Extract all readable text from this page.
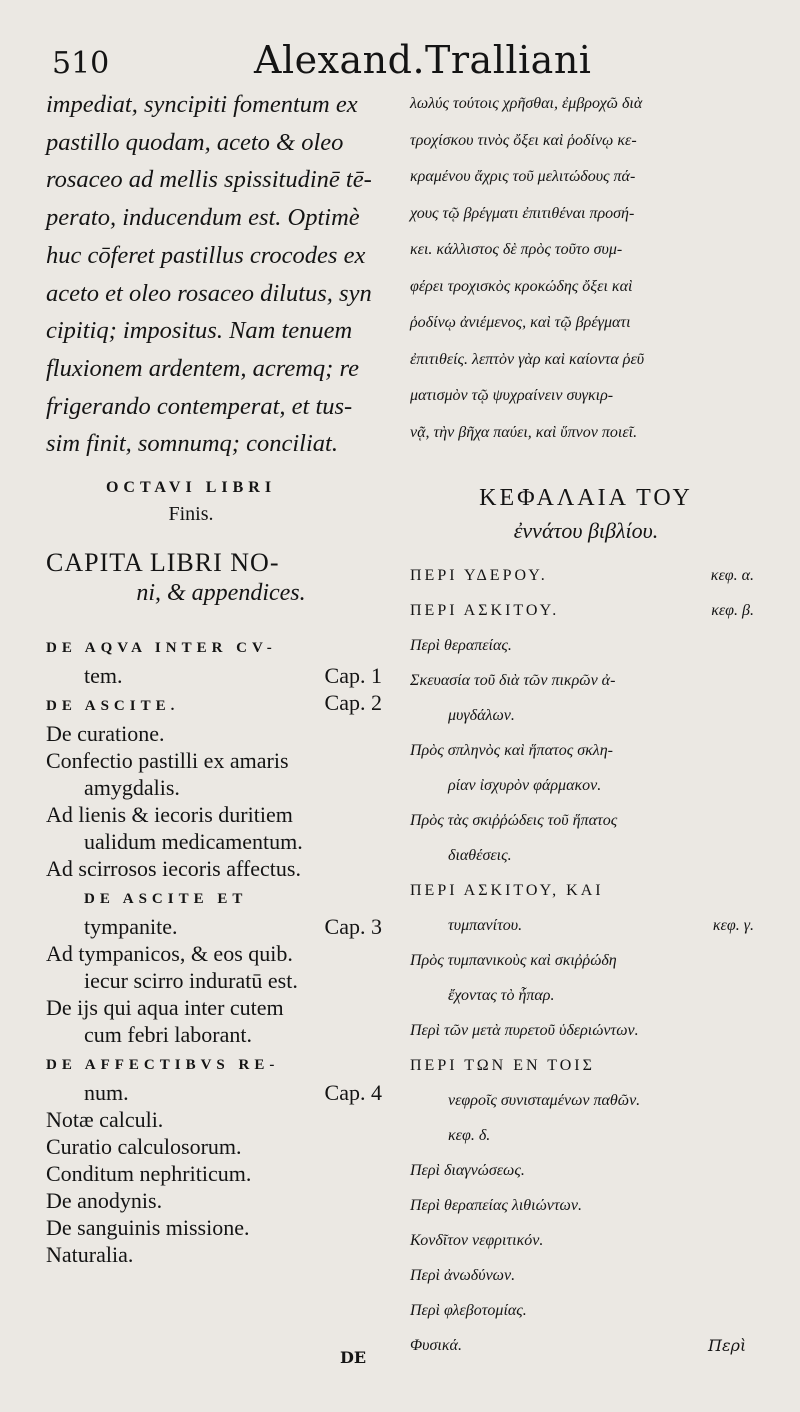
510	Alexand.Tralliani
impediat, syncipiti fomentum ex
pastillo quodam, aceto & oleo
rosaceo ad mellis spissitudinē tē-
perato, inducendum est. Optimè
huc cōferet pastillus crocodes ex
aceto et oleo rosaceo dilutus, syn
cipitiq; impositus. Nam tenuem
fluxionem ardentem, acremq; re
frigerando contemperat, et tus-
sim finit, somnumq; conciliat.
OCTAVI LIBRI
Finis.
CAPITA LIBRI NO-
ni, & appendices.
DE AQVA INTER CV-
tem.	Cap. 1
DE ASCITE.	Cap. 2
De curatione.
Confectio pastilli ex amaris
amygdalis.
Ad lienis & iecoris duritiem
ualidum medicamentum.
Ad scirrosos iecoris affectus.
DE ASCITE ET
tympanite.	Cap. 3
Ad tympanicos, & eos quib.
iecur scirro induratū est.
De ijs qui aqua inter cutem
cum febri laborant.
DE AFFECTIBVS RE-
num.	Cap. 4
Notæ calculi.
Curatio calculosorum.
Conditum nephriticum.
De anodynis.
De sanguinis missione.
Naturalia.
λωλύς τούτοις χρῆσθαι, ἐμβροχῶ διὰ
τροχίσκου τινὸς ὄξει καὶ ῥοδίνῳ κε-
κραμένου ἄχρις τοῦ μελιτώδους πά-
χους τῷ βρέγματι ἐπιτιθέναι προσή-
κει. κάλλιστος δὲ πρὸς τοῦτο συμ-
φέρει τροχισκὸς κροκώδης ὄξει καὶ
ῥοδίνῳ ἀνιέμενος, καὶ τῷ βρέγματι
ἐπιτιθείς. λεπτὸν γὰρ καὶ καίοντα ῥεῦ
ματισμὸν τῷ ψυχραίνειν συγκιρ-
νᾷ, τὴν βῆχα παύει, καὶ ὕπνον ποιεῖ.
ΚΕΦΑΛΑΙΑ ΤΟΥ
ἐννάτου βιβλίου.
ΠΕΡΙ ΥΔΕΡΟΥ.	κεφ. α.
ΠΕΡΙ ΑΣΚΙΤΟΥ.	κεφ. β.
Περὶ θεραπείας.
Σκευασία τοῦ διὰ τῶν πικρῶν ἀ-
μυγδάλων.
Πρὸς σπληνὸς καὶ ἥπατος σκλη-
ρίαν ἰσχυρὸν φάρμακον.
Πρὸς τὰς σκιῤῥώδεις τοῦ ἥπατος
διαθέσεις.
ΠΕΡΙ ΑΣΚΙΤΟΥ, ΚΑΙ
τυμπανίτου.	κεφ. γ.
Πρὸς τυμπανικοὺς καὶ σκιῤῥώδη
ἔχοντας τὸ ἧπαρ.
Περὶ τῶν μετὰ πυρετοῦ ὑδεριώντων.
ΠΕΡΙ ΤΩΝ ΕΝ ΤΟΙΣ
νεφροῖς συνισταμένων παθῶν.
κεφ. δ.
Περὶ διαγνώσεως.
Περὶ θεραπείας λιθιώντων.
Κονδῖτον νεφριτικόν.
Περὶ ἀνωδύνων.
Περὶ φλεβοτομίας.
Φυσικά.
DE
Περὶ
